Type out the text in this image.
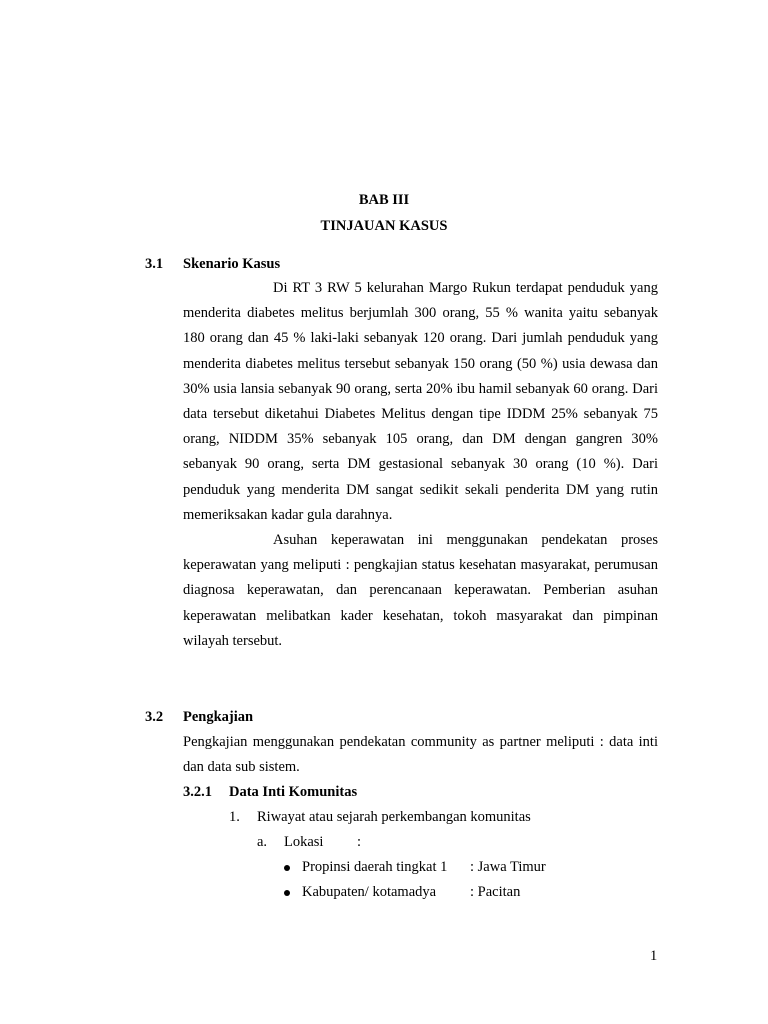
BAB III
TINJAUAN KASUS
3.1 Skenario Kasus

Di RT 3 RW 5 kelurahan Margo Rukun terdapat penduduk yang menderita diabetes melitus berjumlah 300 orang, 55 % wanita yaitu sebanyak 180 orang dan 45 % laki-laki sebanyak 120 orang. Dari jumlah penduduk yang menderita diabetes melitus tersebut sebanyak 150 orang (50 %) usia dewasa dan 30% usia lansia sebanyak 90 orang, serta 20% ibu hamil sebanyak 60 orang. Dari data tersebut diketahui Diabetes Melitus dengan tipe IDDM 25% sebanyak 75 orang, NIDDM 35% sebanyak 105 orang, dan DM dengan gangren 30% sebanyak 90 orang, serta DM gestasional sebanyak 30 orang (10 %). Dari penduduk yang menderita DM sangat sedikit sekali penderita DM yang rutin memeriksakan kadar gula darahnya.

Asuhan keperawatan ini menggunakan pendekatan proses keperawatan yang meliputi : pengkajian status kesehatan masyarakat, perumusan diagnosa keperawatan, dan perencanaan keperawatan. Pemberian asuhan keperawatan melibatkan kader kesehatan, tokoh masyarakat dan pimpinan wilayah tersebut.

3.2 Pengkajian

Pengkajian menggunakan pendekatan community as partner meliputi : data inti dan data sub sistem.

3.2.1 Data Inti Komunitas
1. Riwayat atau sejarah perkembangan komunitas
a. Lokasi :
Propinsi daerah tingkat 1 : Jawa Timur
Kabupaten/ kotamadya : Pacitan
1
